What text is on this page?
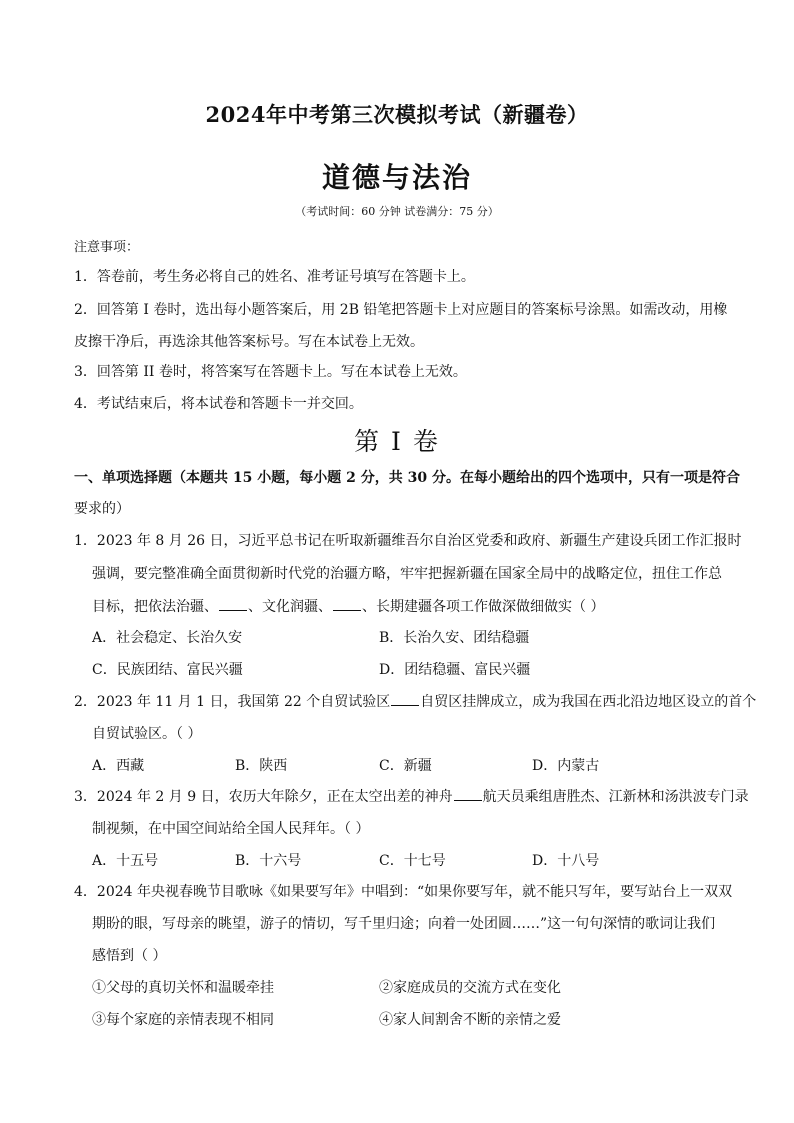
2024年中考第三次模拟考试（新疆卷）
道德与法治
（考试时间：60 分钟 试卷满分：75 分）
注意事项：
1．答卷前，考生务必将自己的姓名、准考证号填写在答题卡上。
2．回答第 I 卷时，选出每小题答案后，用 2B 铅笔把答题卡上对应题目的答案标号涂黑。如需改动，用橡
皮擦干净后，再选涂其他答案标号。写在本试卷上无效。
3．回答第 II 卷时，将答案写在答题卡上。写在本试卷上无效。
4．考试结束后，将本试卷和答题卡一并交回。
第 I 卷
一、单项选择题（本题共 15 小题，每小题 2 分，共 30 分。在每小题给出的四个选项中，只有一项是符合
要求的）
1．2023 年 8 月 26 日，习近平总书记在听取新疆维吾尔自治区党委和政府、新疆生产建设兵团工作汇报时
强调，要完整准确全面贯彻新时代党的治疆方略，牢牢把握新疆在国家全局中的战略定位，扭住工作总
目标，把依法治疆、 、文化润疆、 、长期建疆各项工作做深做细做实（ ）
A．社会稳定、长治久安	B．长治久安、团结稳疆
C．民族团结、富民兴疆	D．团结稳疆、富民兴疆
2．2023 年 11 月 1 日，我国第 22 个自贸试验区 自贸区挂牌成立，成为我国在西北沿边地区设立的首个
自贸试验区。（ ）
A．西藏	B．陕西	C．新疆	D．内蒙古
3．2024 年 2 月 9 日，农历大年除夕，正在太空出差的神舟 航天员乘组唐胜杰、江新林和汤洪波专门录
制视频，在中国空间站给全国人民拜年。（ ）
A．十五号	B．十六号	C．十七号	D．十八号
4．2024 年央视春晚节目歌咏《如果要写年》中唱到：“如果你要写年，就不能只写年，要写站台上一双双
期盼的眼，写母亲的眺望，游子的情切，写千里归途；向着一处团圆……”这一句句深情的歌词让我们
感悟到（ ）
①父母的真切关怀和温暖牵挂	②家庭成员的交流方式在变化
③每个家庭的亲情表现不相同	④家人间割舍不断的亲情之爱
